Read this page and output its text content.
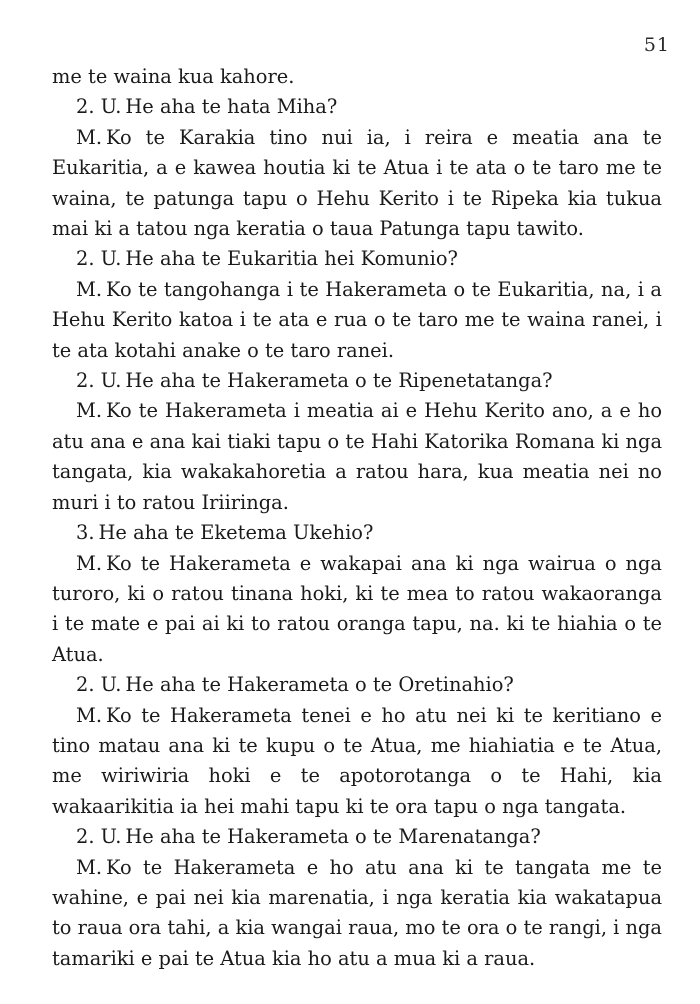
51

me te waina kua kahore.

2. U. He aha te hata Miha?

M. Ko te Karakia tino nui ia, i reira e meatia ana te Eukaritia, a e kawea houtia ki te Atua i te ata o te taro me te waina, te patunga tapu o Hehu Kerito i te Ripeka kia tukua mai ki a tatou nga keratia o taua Patunga tapu tawito.

2. U. He aha te Eukaritia hei Komunio?

M. Ko te tangohanga i te Hakerameta o te Eukaritia, na, i a Hehu Kerito katoa i te ata e rua o te taro me te waina ranei, i te ata kotahi anake o te taro ranei.

2. U. He aha te Hakerameta o te Ripenetatanga?

M. Ko te Hakerameta i meatia ai e Hehu Kerito ano, a e ho atu ana e ana kai tiaki tapu o te Hahi Katorika Romana ki nga tangata, kia wakakahoretia a ratou hara, kua meatia nei no muri i to ratou Iriiringa.

3. He aha te Eketema Ukehio?

M. Ko te Hakerameta e wakapai ana ki nga wairua o nga turoro, ki o ratou tinana hoki, ki te mea to ratou wakaoranga i te mate e pai ai ki to ratou oranga tapu, na. ki te hiahia o te Atua.

2. U. He aha te Hakerameta o te Oretinahio?

M. Ko te Hakerameta tenei e ho atu nei ki te keritiano e tino matau ana ki te kupu o te Atua, me hiahiatia e te Atua, me wiriwiria hoki e te apotorotanga o te Hahi, kia wakaarikitia ia hei mahi tapu ki te ora tapu o nga tangata.

2. U. He aha te Hakerameta o te Marenatanga?

M. Ko te Hakerameta e ho atu ana ki te tangata me te wahine, e pai nei kia marenatia, i nga keratia kia wakatapua to raua ora tahi, a kia wangai raua, mo te ora o te rangi, i nga tamariki e pai te Atua kia ho atu a mua ki a raua.
